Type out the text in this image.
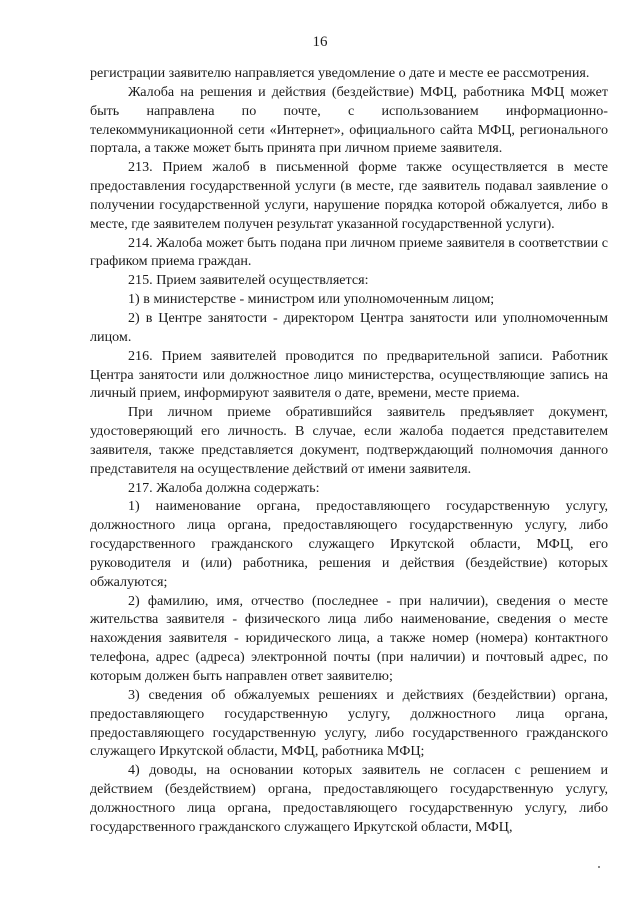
16

регистрации заявителю направляется уведомление о дате и месте ее рассмотрения.

Жалоба на решения и действия (бездействие) МФЦ, работника МФЦ может быть направлена по почте, с использованием информационно-телекоммуникационной сети «Интернет», официального сайта МФЦ, регионального портала, а также может быть принята при личном приеме заявителя.

213. Прием жалоб в письменной форме также осуществляется в месте предоставления государственной услуги (в месте, где заявитель подавал заявление о получении государственной услуги, нарушение порядка которой обжалуется, либо в месте, где заявителем получен результат указанной государственной услуги).

214. Жалоба может быть подана при личном приеме заявителя в соответствии с графиком приема граждан.

215. Прием заявителей осуществляется:

1) в министерстве - министром или уполномоченным лицом;

2) в Центре занятости - директором Центра занятости или уполномоченным лицом.

216. Прием заявителей проводится по предварительной записи. Работник Центра занятости или должностное лицо министерства, осуществляющие запись на личный прием, информируют заявителя о дате, времени, месте приема.

При личном приеме обратившийся заявитель предъявляет документ, удостоверяющий его личность. В случае, если жалоба подается представителем заявителя, также представляется документ, подтверждающий полномочия данного представителя на осуществление действий от имени заявителя.

217. Жалоба должна содержать:

1) наименование органа, предоставляющего государственную услугу, должностного лица органа, предоставляющего государственную услугу, либо государственного гражданского служащего Иркутской области, МФЦ, его руководителя и (или) работника, решения и действия (бездействие) которых обжалуются;

2) фамилию, имя, отчество (последнее - при наличии), сведения о месте жительства заявителя - физического лица либо наименование, сведения о месте нахождения заявителя - юридического лица, а также номер (номера) контактного телефона, адрес (адреса) электронной почты (при наличии) и почтовый адрес, по которым должен быть направлен ответ заявителю;

3) сведения об обжалуемых решениях и действиях (бездействии) органа, предоставляющего государственную услугу, должностного лица органа, предоставляющего государственную услугу, либо государственного гражданского служащего Иркутской области, МФЦ, работника МФЦ;

4) доводы, на основании которых заявитель не согласен с решением и действием (бездействием) органа, предоставляющего государственную услугу, должностного лица органа, предоставляющего государственную услугу, либо государственного гражданского служащего Иркутской области, МФЦ,
